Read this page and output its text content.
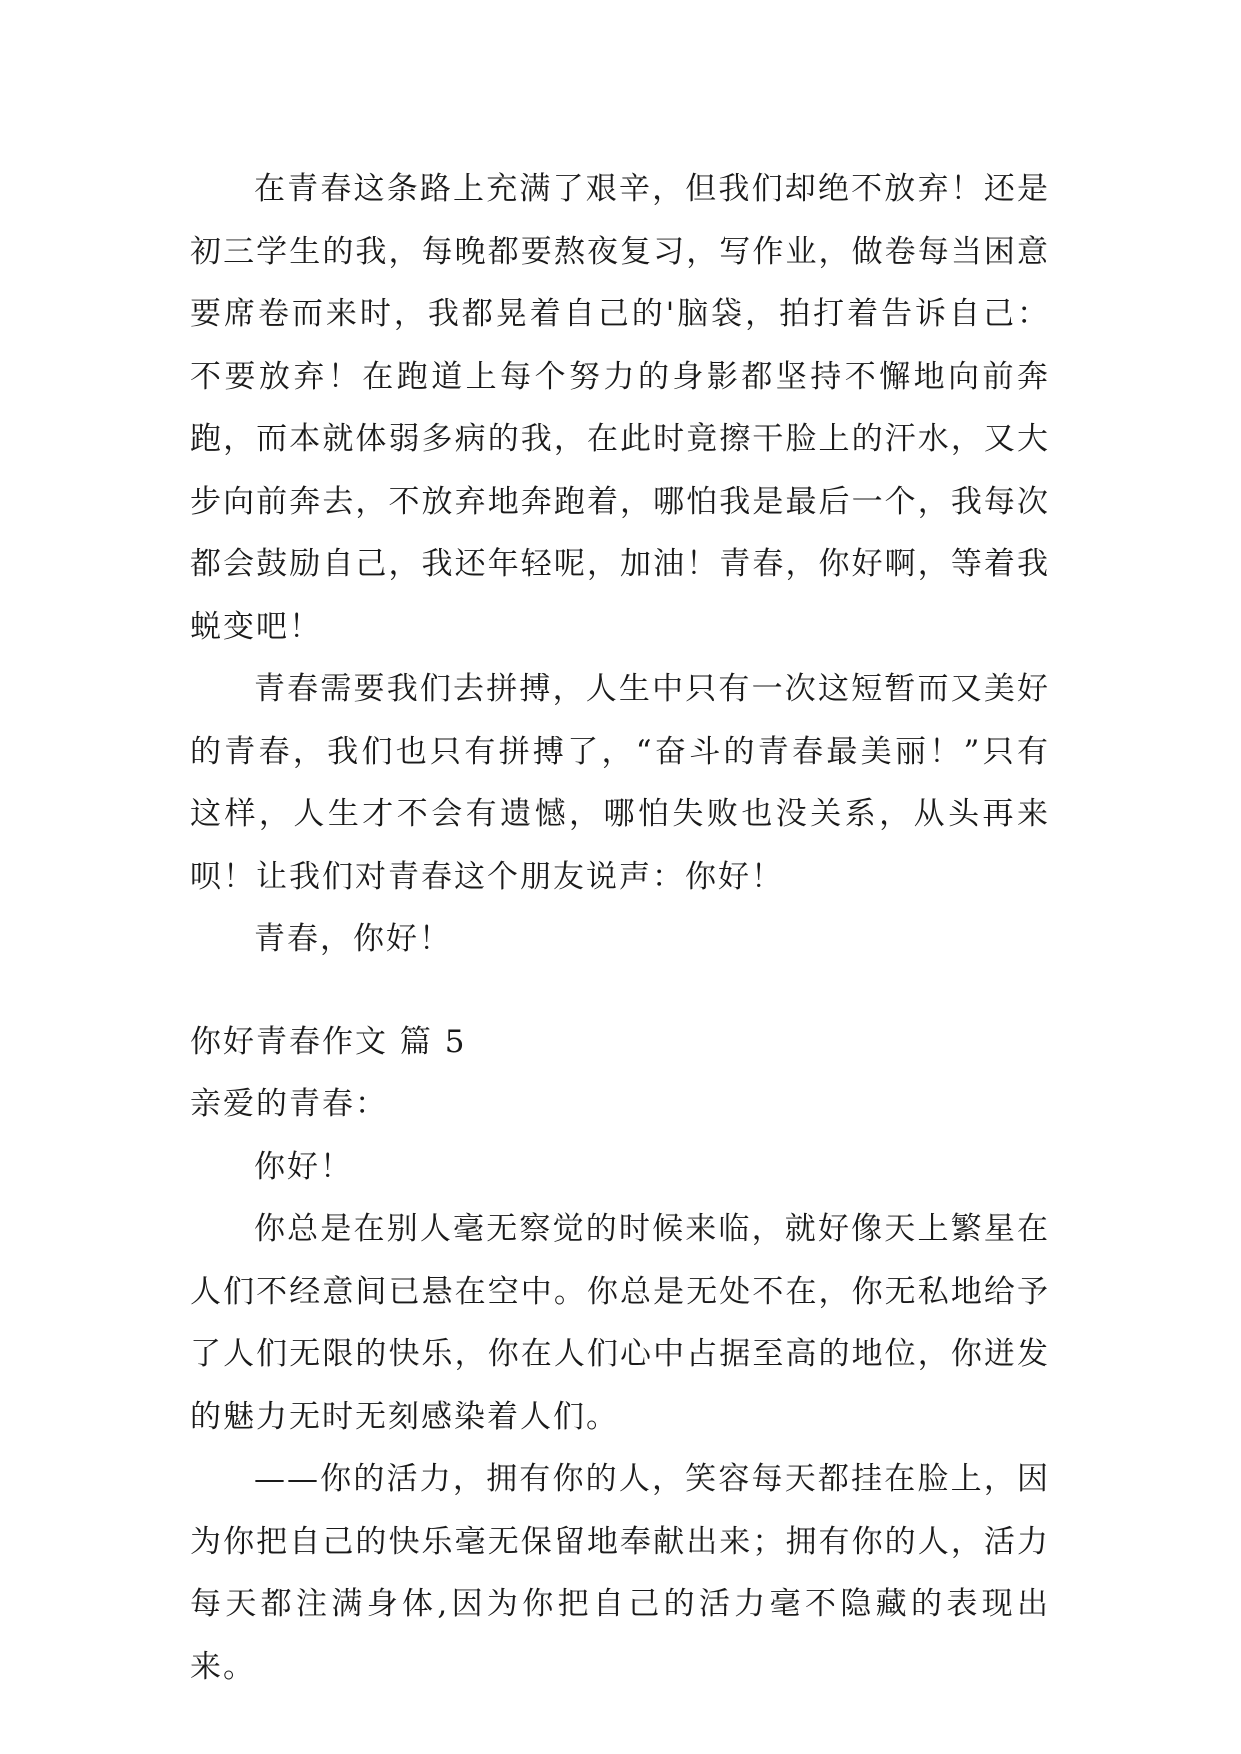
在青春这条路上充满了艰辛，但我们却绝不放弃！还是初三学生的我，每晚都要熬夜复习，写作业，做卷每当困意要席卷而来时，我都晃着自己的'脑袋，拍打着告诉自己：不要放弃！在跑道上每个努力的身影都坚持不懈地向前奔跑，而本就体弱多病的我，在此时竟擦干脸上的汗水，又大步向前奔去，不放弃地奔跑着，哪怕我是最后一个，我每次都会鼓励自己，我还年轻呢，加油！青春，你好啊，等着我蜕变吧！

青春需要我们去拼搏，人生中只有一次这短暂而又美好的青春，我们也只有拼搏了，“奋斗的青春最美丽！”只有这样，人生才不会有遗憾，哪怕失败也没关系，从头再来呗！让我们对青春这个朋友说声：你好！

青春，你好！

你好青春作文 篇 5

亲爱的青春：

你好！

你总是在别人毫无察觉的时候来临，就好像天上繁星在人们不经意间已悬在空中。你总是无处不在，你无私地给予了人们无限的快乐，你在人们心中占据至高的地位，你迸发的魅力无时无刻感染着人们。

——你的活力，拥有你的人，笑容每天都挂在脸上，因为你把自己的快乐毫无保留地奉献出来；拥有你的人，活力每天都注满身体,因为你把自己的活力毫不隐藏的表现出来。
